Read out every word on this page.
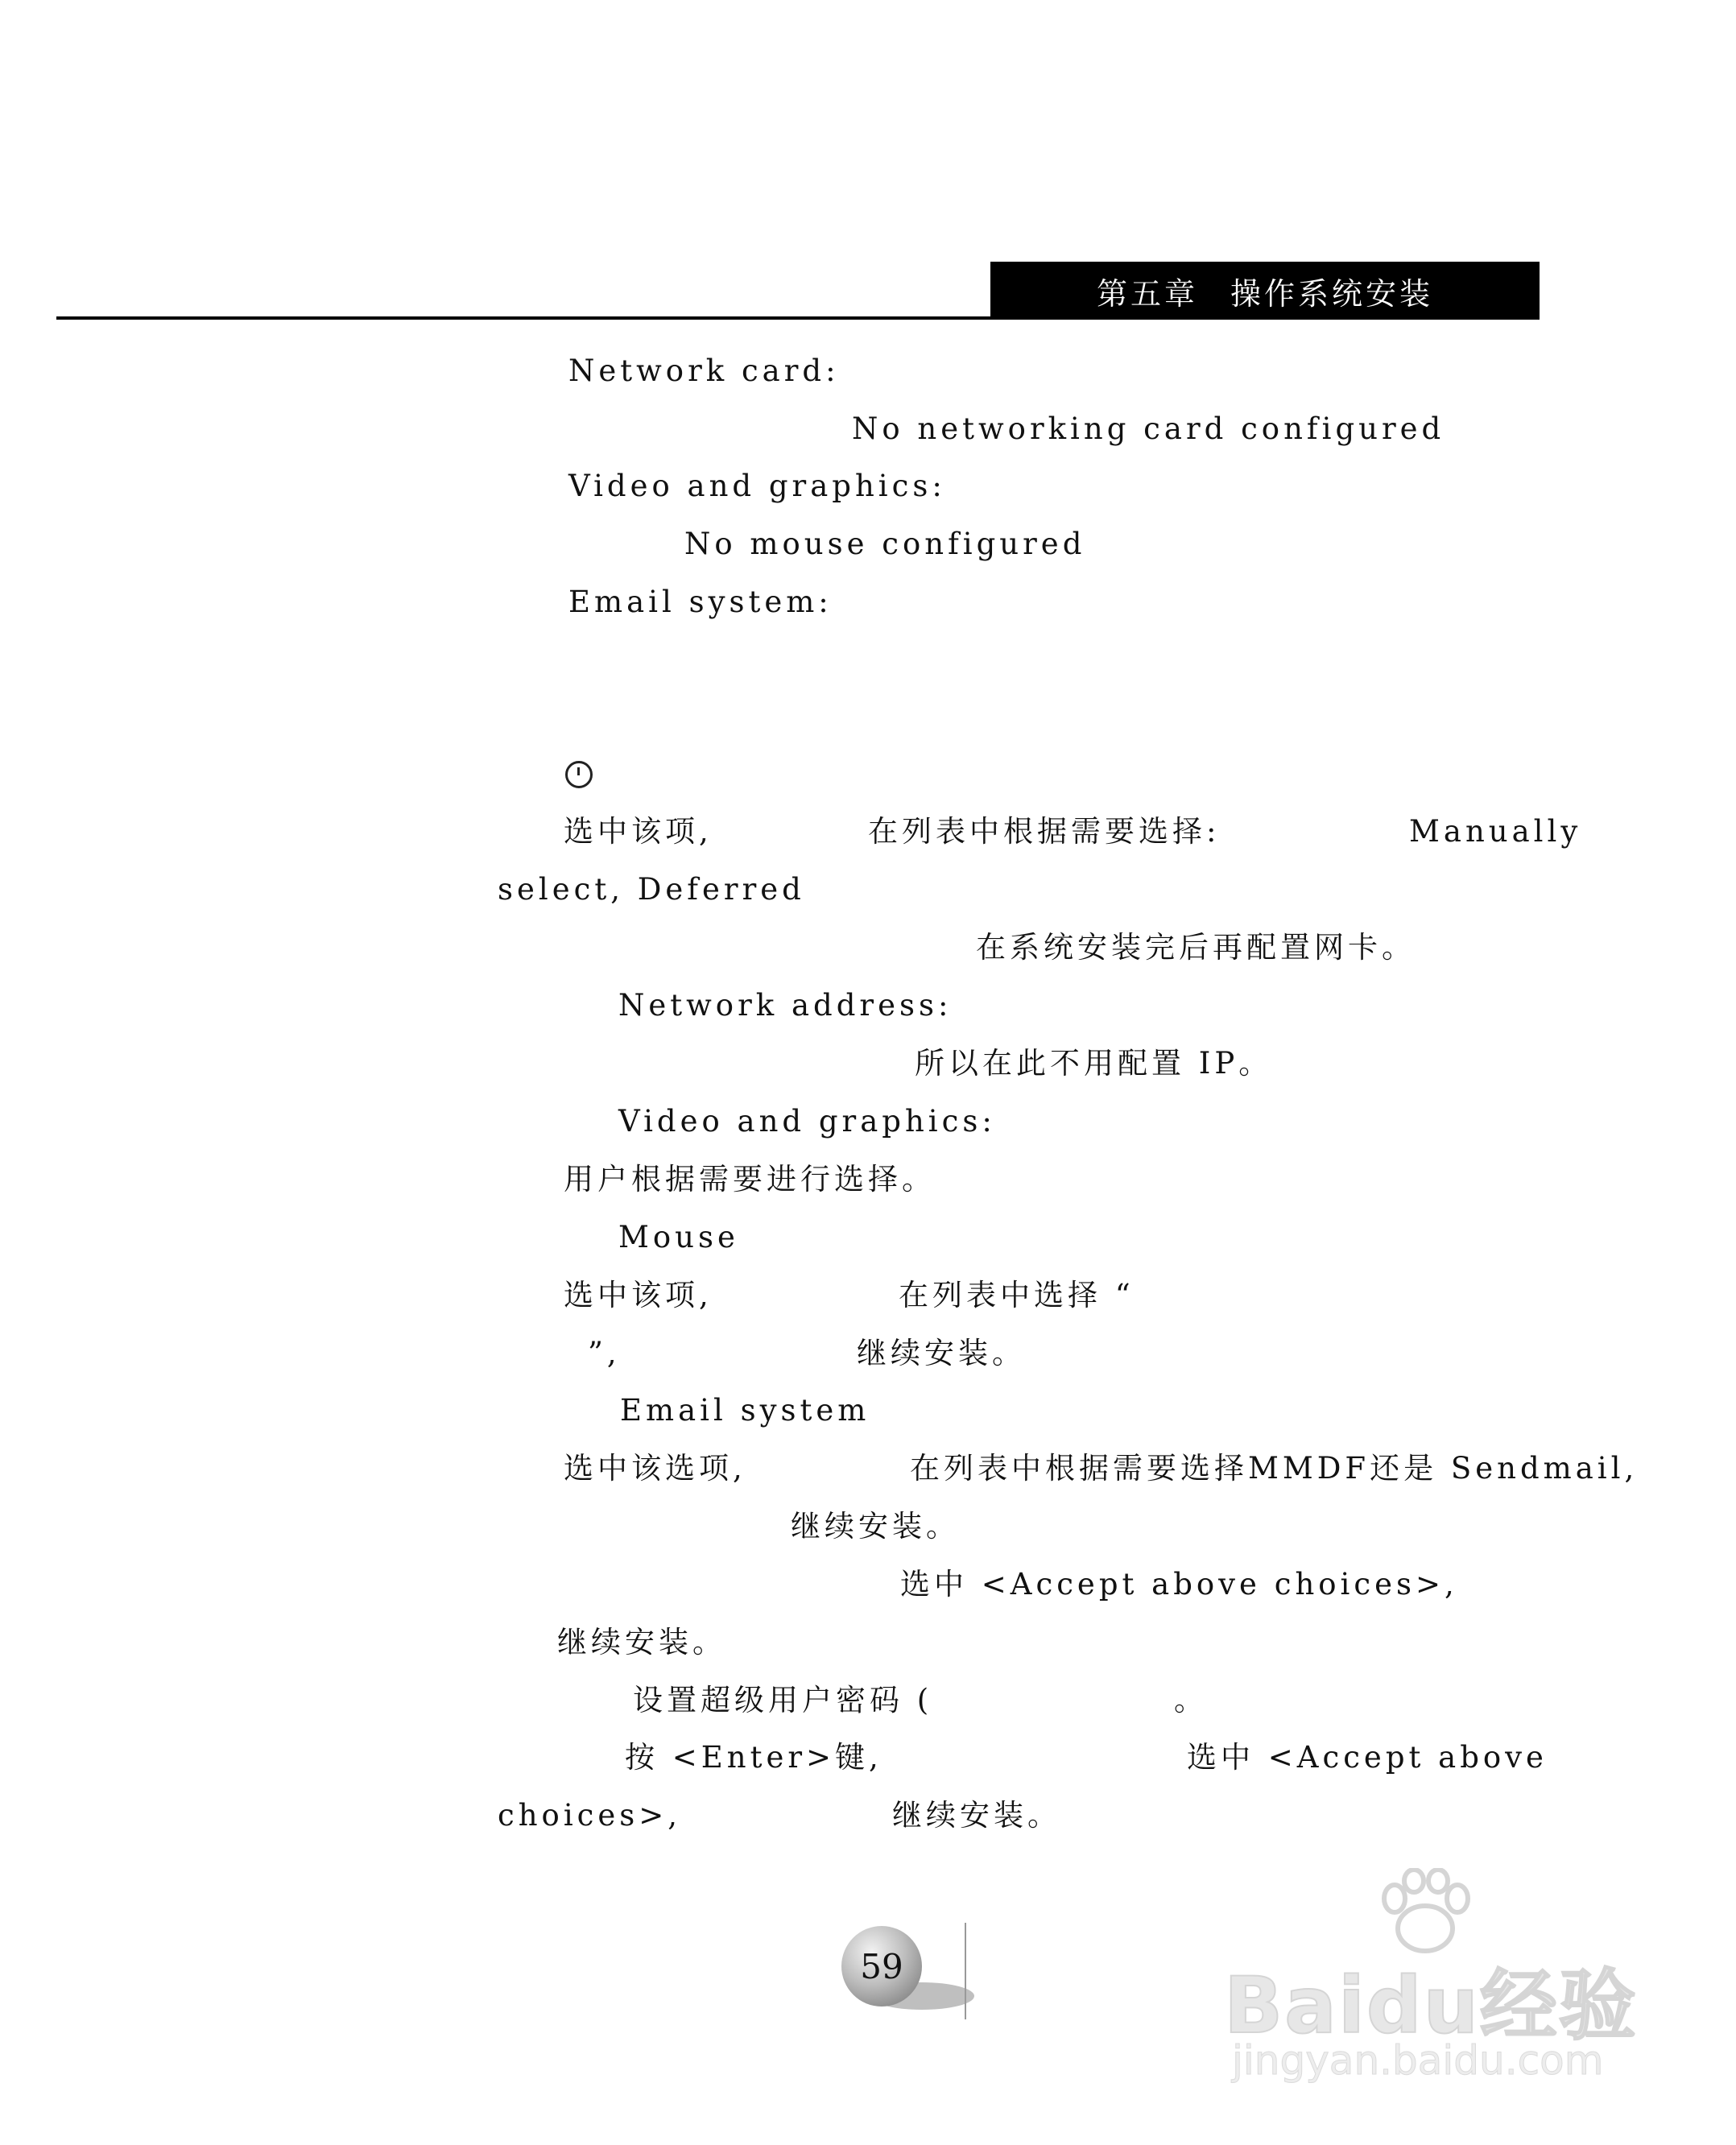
第五章 操作系统安装
Network card:
No networking card configured
Video and graphics:
No mouse configured
Email system:
选中该项,	在列表中根据需要选择:	Manually
select, Deferred
在系统安装完后再配置网卡。
Network address:
所以在此不用配置 IP。
Video and graphics:
用户根据需要进行选择。
Mouse
选中该项,	在列表中选择 “
”,	继续安装。
Email system
选中该选项,	在列表中根据需要选择MMDF还是 Sendmail,
继续安装。
选中 <Accept above choices>,
继续安装。
设置超级用户密码 (	。
按 <Enter>键,	选中 <Accept above
choices>,	继续安装。
59	Baidu经验
jingyan.baidu.com
